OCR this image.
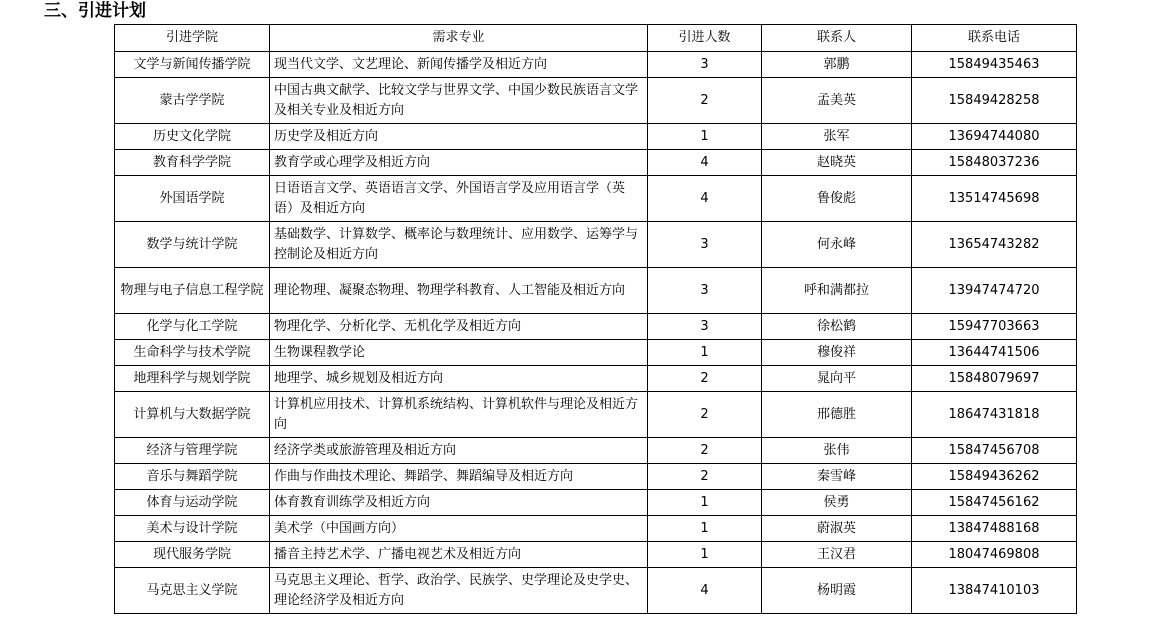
三、引进计划
引进学院	需求专业	引进人数	联系人	联系电话
文学与新闻传播学院	现当代文学、文艺理论、新闻传播学及相近方向	3	郭鹏	15849435463
蒙古学学院	中国古典文献学、比较文学与世界文学、中国少数民族语言文学及相关专业及相近方向	2	孟美英	15849428258
历史文化学院	历史学及相近方向	1	张军	13694744080
教育科学学院	教育学或心理学及相近方向	4	赵晓英	15848037236
外国语学院	日语语言文学、英语语言文学、外国语言学及应用语言学（英语）及相近方向	4	鲁俊彪	13514745698
数学与统计学院	基础数学、计算数学、概率论与数理统计、应用数学、运筹学与控制论及相近方向	3	何永峰	13654743282
物理与电子信息工程学院	理论物理、凝聚态物理、物理学科教育、人工智能及相近方向	3	呼和满都拉	13947474720
化学与化工学院	物理化学、分析化学、无机化学及相近方向	3	徐松鹤	15947703663
生命科学与技术学院	生物课程教学论	1	穆俊祥	13644741506
地理科学与规划学院	地理学、城乡规划及相近方向	2	晁向平	15848079697
计算机与大数据学院	计算机应用技术、计算机系统结构、计算机软件与理论及相近方向	2	邢德胜	18647431818
经济与管理学院	经济学类或旅游管理及相近方向	2	张伟	15847456708
音乐与舞蹈学院	作曲与作曲技术理论、舞蹈学、舞蹈编导及相近方向	2	秦雪峰	15849436262
体育与运动学院	体育教育训练学及相近方向	1	侯勇	15847456162
美术与设计学院	美术学（中国画方向）	1	蔚淑英	13847488168
现代服务学院	播音主持艺术学、广播电视艺术及相近方向	1	王汉君	18047469808
马克思主义学院	马克思主义理论、哲学、政治学、民族学、史学理论及史学史、理论经济学及相近方向	4	杨明霞	13847410103
